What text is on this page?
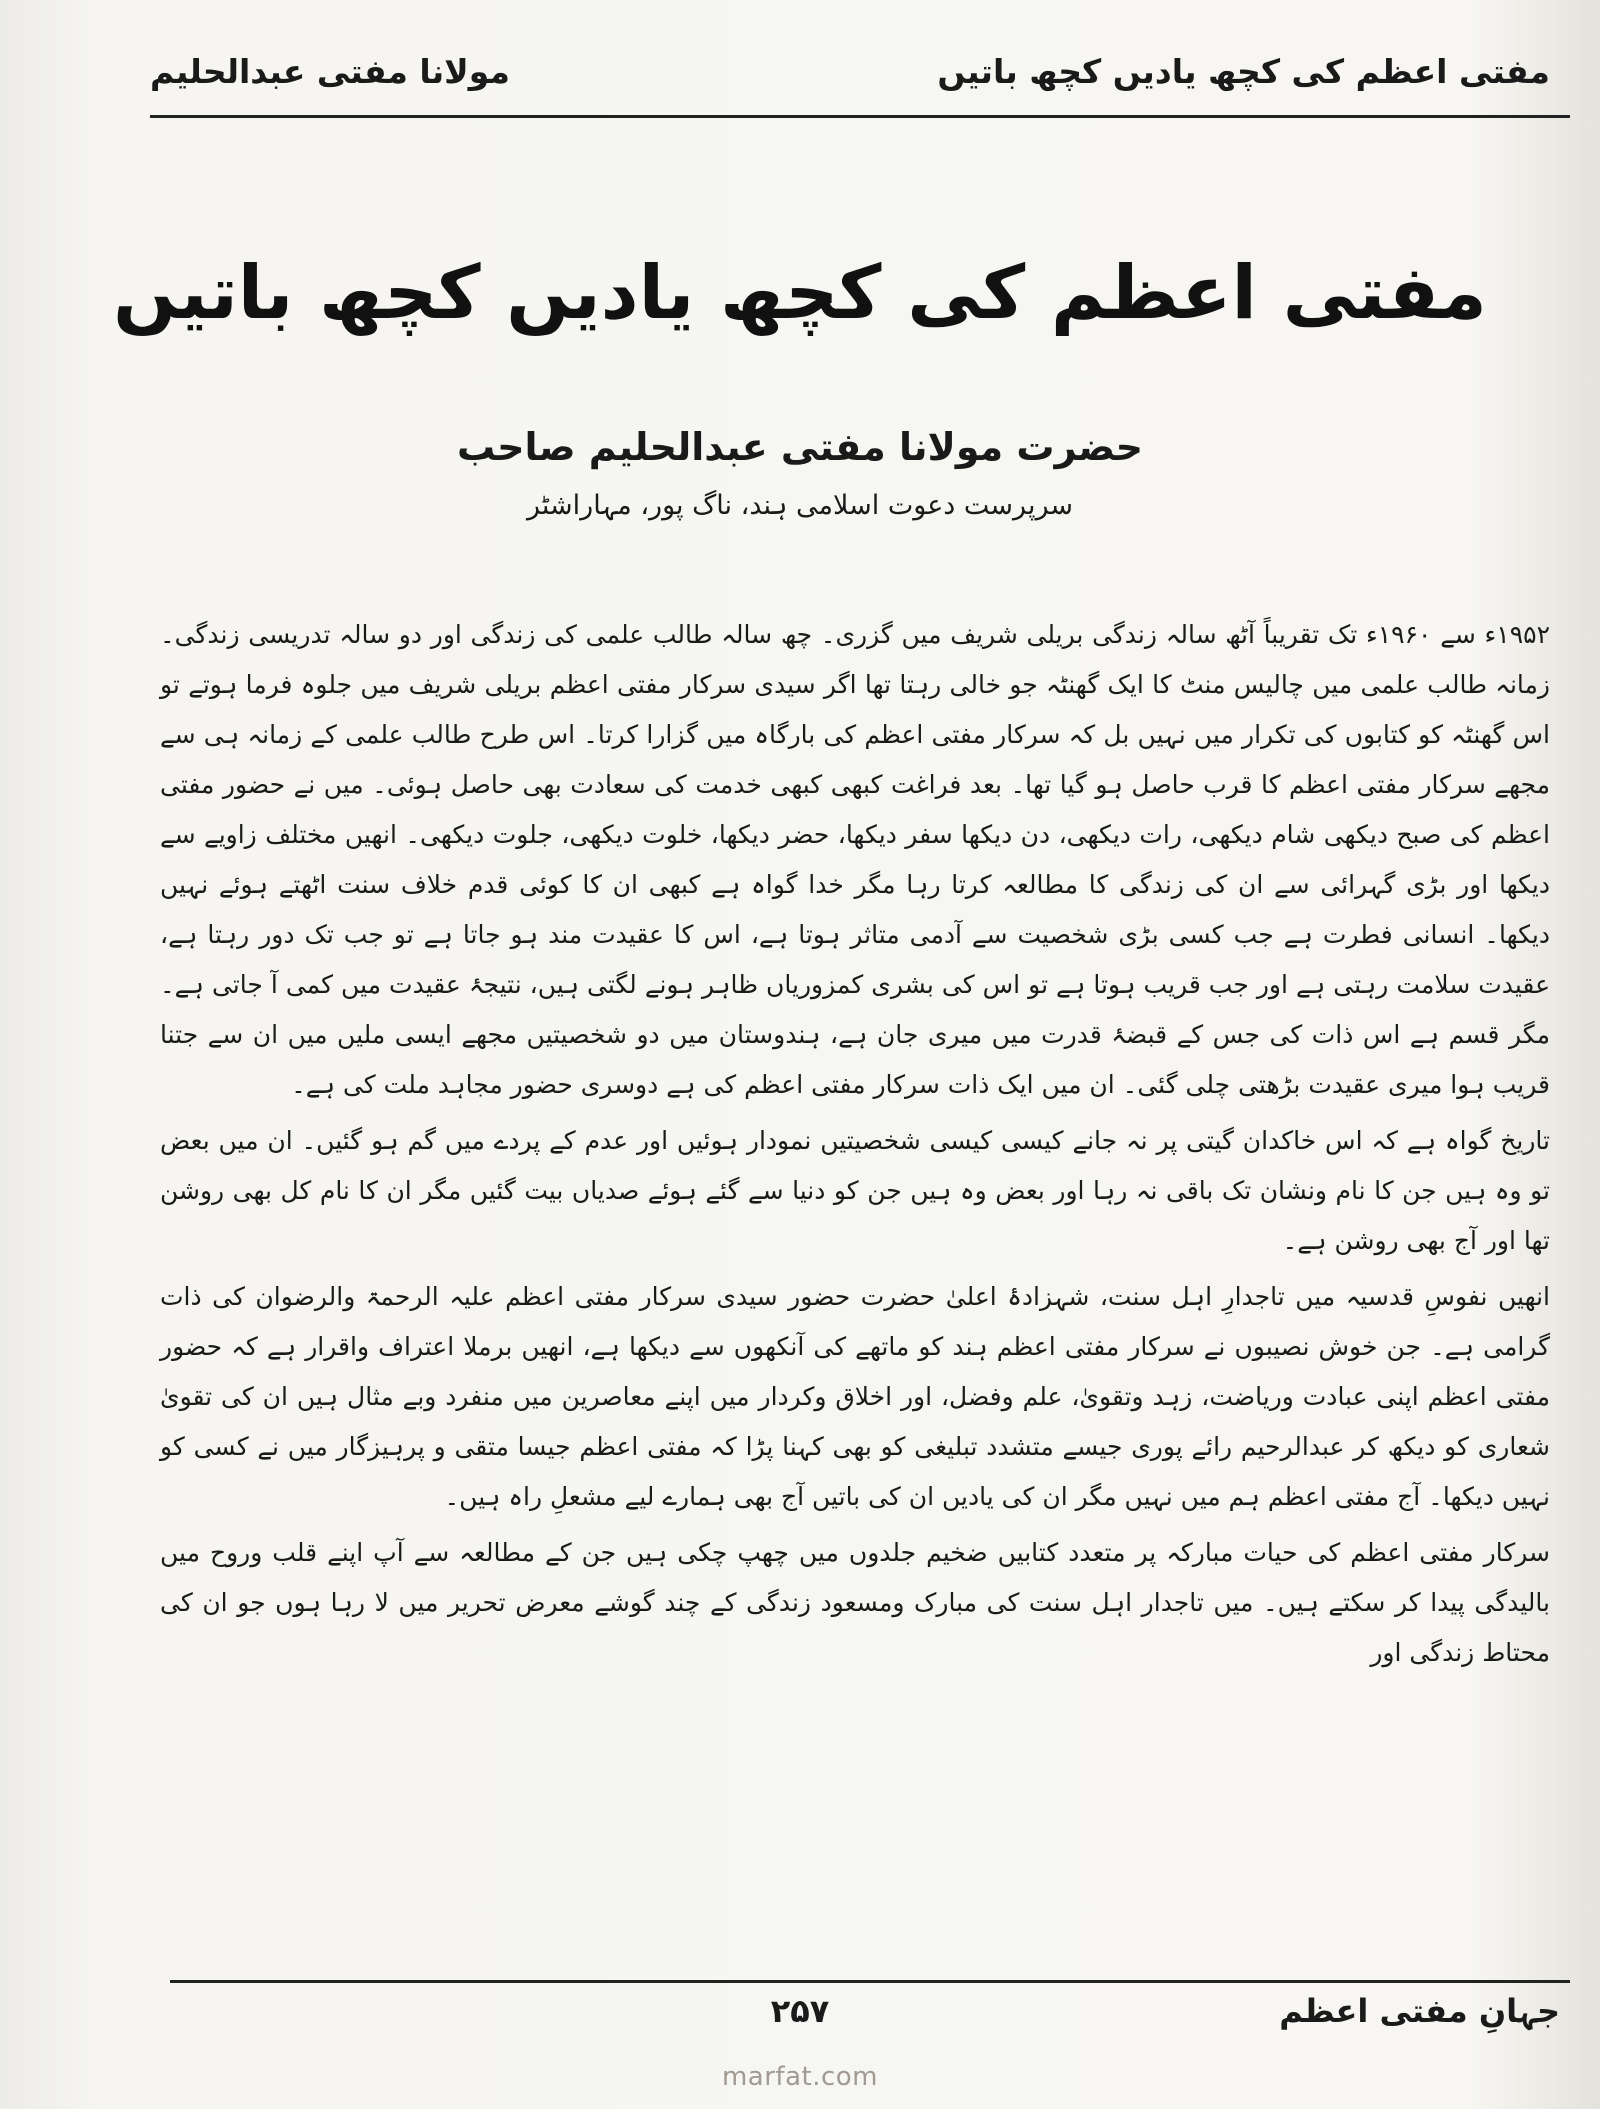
مفتی اعظم کی کچھ یادیں کچھ باتیں
مولانا مفتی عبدالحلیم
مفتی اعظم کی کچھ یادیں کچھ باتیں
حضرت مولانا مفتی عبدالحلیم صاحب
سرپرست دعوت اسلامی ہند، ناگ پور، مہاراشٹر

۱۹۵۲ء سے ۱۹۶۰ء تک تقریباً آٹھ سالہ زندگی بریلی شریف میں گزری۔ چھ سالہ طالب علمی کی زندگی اور دو سالہ تدریسی زندگی۔ زمانہ طالب علمی میں چالیس منٹ کا ایک گھنٹہ جو خالی رہتا تھا اگر سیدی سرکار مفتی اعظم بریلی شریف میں جلوہ فرما ہوتے تو اس گھنٹہ کو کتابوں کی تکرار میں نہیں بل کہ سرکار مفتی اعظم کی بارگاہ میں گزارا کرتا۔ اس طرح طالب علمی کے زمانہ ہی سے مجھے سرکار مفتی اعظم کا قرب حاصل ہو گیا تھا۔ بعد فراغت کبھی کبھی خدمت کی سعادت بھی حاصل ہوئی۔ میں نے حضور مفتی اعظم کی صبح دیکھی شام دیکھی، رات دیکھی، دن دیکھا سفر دیکھا، حضر دیکھا، خلوت دیکھی، جلوت دیکھی۔ انھیں مختلف زاویے سے دیکھا اور بڑی گہرائی سے ان کی زندگی کا مطالعہ کرتا رہا مگر خدا گواہ ہے کبھی ان کا کوئی قدم خلاف سنت اٹھتے ہوئے نہیں دیکھا۔ انسانی فطرت ہے جب کسی بڑی شخصیت سے آدمی متاثر ہوتا ہے، اس کا عقیدت مند ہو جاتا ہے تو جب تک دور رہتا ہے، عقیدت سلامت رہتی ہے اور جب قریب ہوتا ہے تو اس کی بشری کمزوریاں ظاہر ہونے لگتی ہیں، نتیجۂ عقیدت میں کمی آ جاتی ہے۔ مگر قسم ہے اس ذات کی جس کے قبضۂ قدرت میں میری جان ہے، ہندوستان میں دو شخصیتیں مجھے ایسی ملیں میں ان سے جتنا قریب ہوا میری عقیدت بڑھتی چلی گئی۔ ان میں ایک ذات سرکار مفتی اعظم کی ہے دوسری حضور مجاہد ملت کی ہے۔

تاریخ گواہ ہے کہ اس خاکدان گیتی پر نہ جانے کیسی کیسی شخصیتیں نمودار ہوئیں اور عدم کے پردے میں گم ہو گئیں۔ ان میں بعض تو وہ ہیں جن کا نام ونشان تک باقی نہ رہا اور بعض وہ ہیں جن کو دنیا سے گئے ہوئے صدیاں بیت گئیں مگر ان کا نام کل بھی روشن تھا اور آج بھی روشن ہے۔

انھیں نفوسِ قدسیہ میں تاجدارِ اہل سنت، شہزادۂ اعلیٰ حضرت حضور سیدی سرکار مفتی اعظم علیہ الرحمۃ والرضوان کی ذات گرامی ہے۔ جن خوش نصیبوں نے سرکار مفتی اعظم ہند کو ماتھے کی آنکھوں سے دیکھا ہے، انھیں برملا اعتراف واقرار ہے کہ حضور مفتی اعظم اپنی عبادت وریاضت، زہد وتقویٰ، علم وفضل، اور اخلاق وکردار میں اپنے معاصرین میں منفرد وبے مثال ہیں ان کی تقویٰ شعاری کو دیکھ کر عبدالرحیم رائے پوری جیسے متشدد تبلیغی کو بھی کہنا پڑا کہ مفتی اعظم جیسا متقی و پرہیزگار میں نے کسی کو نہیں دیکھا۔ آج مفتی اعظم ہم میں نہیں مگر ان کی یادیں ان کی باتیں آج بھی ہمارے لیے مشعلِ راہ ہیں۔

سرکار مفتی اعظم کی حیات مبارکہ پر متعدد کتابیں ضخیم جلدوں میں چھپ چکی ہیں جن کے مطالعہ سے آپ اپنے قلب وروح میں بالیدگی پیدا کر سکتے ہیں۔ میں تاجدار اہل سنت کی مبارک ومسعود زندگی کے چند گوشے معرض تحریر میں لا رہا ہوں جو ان کی محتاط زندگی اور

جہانِ مفتی اعظم
۲۵۷
marfat.com
